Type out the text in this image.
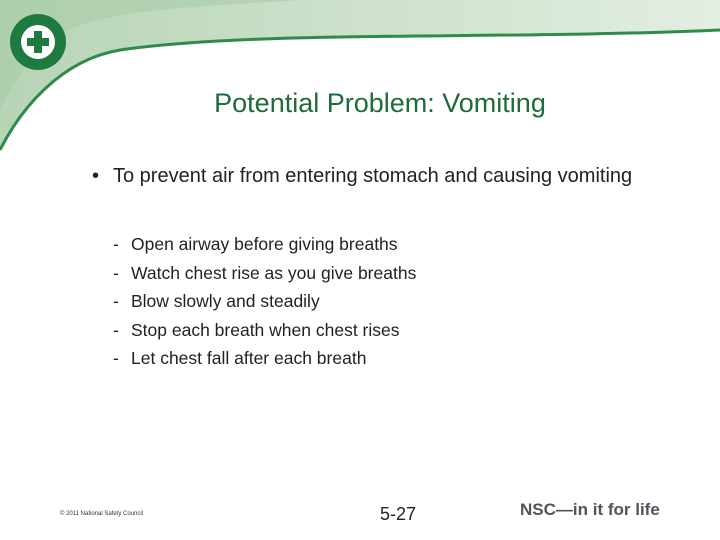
Potential Problem: Vomiting
• To prevent air from entering stomach and causing vomiting
- Open airway before giving breaths
- Watch chest rise as you give breaths
- Blow slowly and steadily
- Stop each breath when chest rises
- Let chest fall after each breath
© 2011 National Safety Council	5-27	NSC—in it for life
